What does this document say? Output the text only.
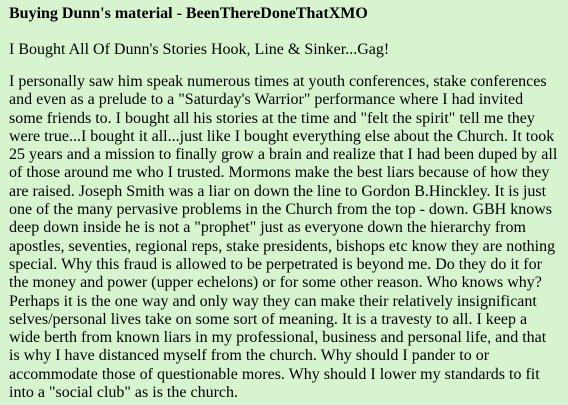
Buying Dunn's material - BeenThereDoneThatXMO
I Bought All Of Dunn's Stories Hook, Line & Sinker...Gag!
I personally saw him speak numerous times at youth conferences, stake conferences and even as a prelude to a "Saturday's Warrior" performance where I had invited some friends to. I bought all his stories at the time and "felt the spirit" tell me they were true...I bought it all...just like I bought everything else about the Church. It took 25 years and a mission to finally grow a brain and realize that I had been duped by all of those around me who I trusted. Mormons make the best liars because of how they are raised. Joseph Smith was a liar on down the line to Gordon B.Hinckley. It is just one of the many pervasive problems in the Church from the top - down. GBH knows deep down inside he is not a "prophet" just as everyone down the hierarchy from apostles, seventies, regional reps, stake presidents, bishops etc know they are nothing special. Why this fraud is allowed to be perpetrated is beyond me. Do they do it for the money and power (upper echelons) or for some other reason. Who knows why? Perhaps it is the one way and only way they can make their relatively insignificant selves/personal lives take on some sort of meaning. It is a travesty to all. I keep a wide berth from known liars in my professional, business and personal life, and that is why I have distanced myself from the church. Why should I pander to or accommodate those of questionable mores. Why should I lower my standards to fit into a "social club" as is the church.
